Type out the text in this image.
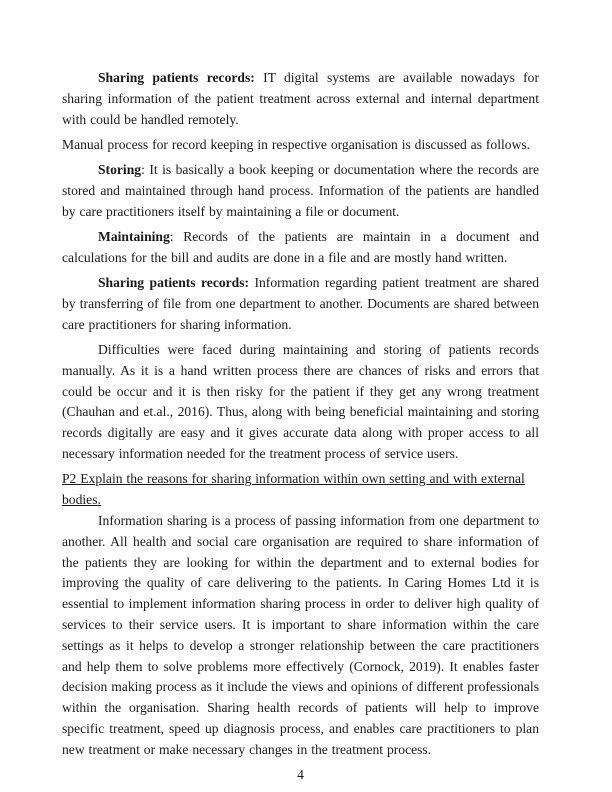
Sharing patients records: IT digital systems are available nowadays for sharing information of the patient treatment across external and internal department with could be handled remotely.

Manual process for record keeping in respective organisation is discussed as follows.

Storing: It is basically a book keeping or documentation where the records are stored and maintained through hand process. Information of the patients are handled by care practitioners itself by maintaining a file or document.

Maintaining: Records of the patients are maintain in a document and calculations for the bill and audits are done in a file and are mostly hand written.

Sharing patients records: Information regarding patient treatment are shared by transferring of file from one department to another. Documents are shared between care practitioners for sharing information.

Difficulties were faced during maintaining and storing of patients records manually. As it is a hand written process there are chances of risks and errors that could be occur and it is then risky for the patient if they get any wrong treatment (Chauhan and et.al., 2016). Thus, along with being beneficial maintaining and storing records digitally are easy and it gives accurate data along with proper access to all necessary information needed for the treatment process of service users.

P2 Explain the reasons for sharing information within own setting and with external bodies.

Information sharing is a process of passing information from one department to another. All health and social care organisation are required to share information of the patients they are looking for within the department and to external bodies for improving the quality of care delivering to the patients. In Caring Homes Ltd it is essential to implement information sharing process in order to deliver high quality of services to their service users. It is important to share information within the care settings as it helps to develop a stronger relationship between the care practitioners and help them to solve problems more effectively (Cornock, 2019). It enables faster decision making process as it include the views and opinions of different professionals within the organisation. Sharing health records of patients will help to improve specific treatment, speed up diagnosis process, and enables care practitioners to plan new treatment or make necessary changes in the treatment process.

4
